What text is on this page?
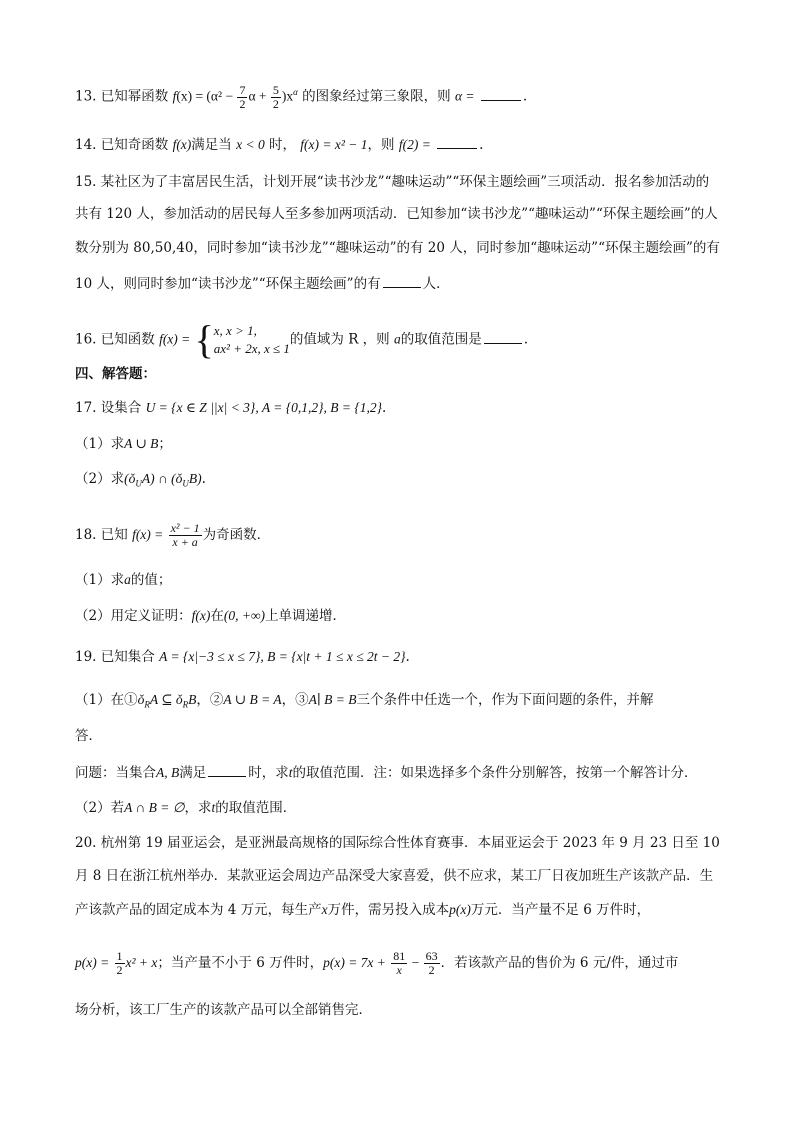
13. 已知幂函数 $f(x) = (\alpha^2 - \frac{7}{2}$ $\alpha + \frac{5}{2} )x^\alpha$ 的图象经过第三象限，则 α =	.
14. 已知奇函数 f(x)满足当 x < 0 时， f(x) = x² − 1，则 f(2) =	.
15. 某社区为了丰富居民生活，计划开展“读书沙龙”“趣味运动”“环保主题绘画”三项活动．报名参加活动的
共有 120 人，参加活动的居民每人至多参加两项活动．已知参加“读书沙龙”“趣味运动”“环保主题绘画”的人
数分别为 80,50,40，同时参加“读书沙龙”“趣味运动”的有 20 人，同时参加“趣味运动”“环保主题绘画”的有
10 人，则同时参加“读书沙龙”“环保主题绘画”的有	人．
16. 已知函数 f(x) = { x, x > 1,
ax² + 2x, x ≤ 1
的值域为 R ，则 a的取值范围是	.
四、解答题：
17. 设集合 U = {x ∈ Z ||x| < 3}, A = {0,1,2}, B = {1,2}.
（1）求A ∪ B；
（2）求$(ǒ_UA)$ ∩ $(ǒ_UB)$.
18. 已知 $f(x) = \frac{\text{x² − 1}}{x + a}$ 为奇函数．
（1）求a的值；
（2）用定义证明：f(x)在(0, +∞)上单调递增．
19. 已知集合 A = {x|−3 ≤ x ≤ 7}, B = {x|t + 1 ≤ x ≤ 2t − 2}.
（1）在$①ǒ_RA$ ⊆ $ǒ_RB$，②A ∪ B = A，③A∣ B = B三个条件中任选一个，作为下面问题的条件，并解
答．
问题：当集合A, B满足	时，求t的取值范围．注：如果选择多个条件分别解答，按第一个解答计分．
（2）若A ∩ B = ∅，求t的取值范围．
20. 杭州第 19 届亚运会，是亚洲最高规格的国际综合性体育赛事．本届亚运会于 2023 年 9 月 23 日至 10
月 8 日在浙江杭州举办．某款亚运会周边产品深受大家喜爱，供不应求，某工厂日夜加班生产该款产品．生
产该款产品的固定成本为 4 万元，每生产x万件，需另投入成本p(x)万元．当产量不足 6 万件时，
$p(x) = \frac{1}{2} x^2 + x$；当产量不小于 6 万件时，$p(x) = 7x + \frac{81}{x} - \frac{63}{2}$ ．若该款产品的售价为 6 元/件，通过市
场分析，该工厂生产的该款产品可以全部销售完．
